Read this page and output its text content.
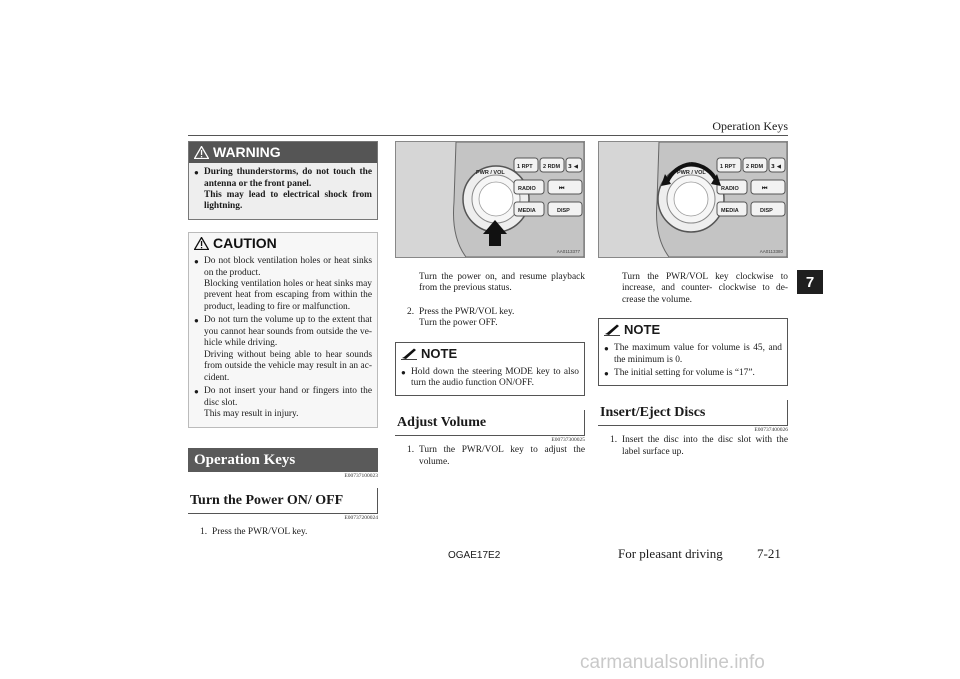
Operation Keys
7
WARNING
● During thunderstorms, do not touch the antenna or the front panel.
This may lead to electrical shock from lightning.
CAUTION
● Do not block ventilation holes or heat sinks on the product.
Blocking ventilation holes or heat sinks may prevent heat from escaping from within the product, leading to fire or malfunction.
● Do not turn the volume up to the extent that you cannot hear sounds from outside the ve-hicle while driving.
Driving without being able to hear sounds from outside the vehicle may result in an ac-cident.
● Do not insert your hand or fingers into the disc slot.
This may result in injury.
Operation Keys
E00737100023
Turn the Power ON/ OFF
E00737200024
1. Press the PWR/VOL key.
PWR / VOL
1 RPT 2 RDM 3 ◀
RADIO	⏮
MEDIA	DISP
AA0113377
Turn the power on, and resume playback from the previous status.
2. Press the PWR/VOL key.
Turn the power OFF.
NOTE
● Hold down the steering MODE key to also turn the audio function ON/OFF.
Adjust Volume
E00737300025
1. Turn the PWR/VOL key to adjust the volume.
PWR / VOL
1 RPT 2 RDM 3 ◀
RADIO	⏮
MEDIA	DISP
AA0113380
Turn the PWR/VOL key clockwise to increase, and counter- clockwise to de-crease the volume.
NOTE
● The maximum value for volume is 45, and the minimum is 0.
● The initial setting for volume is “17”.
Insert/Eject Discs
E00737400026
1. Insert the disc into the disc slot with the label surface up.
OGAE17E2	For pleasant driving	7-21
carmanualsonline.info
